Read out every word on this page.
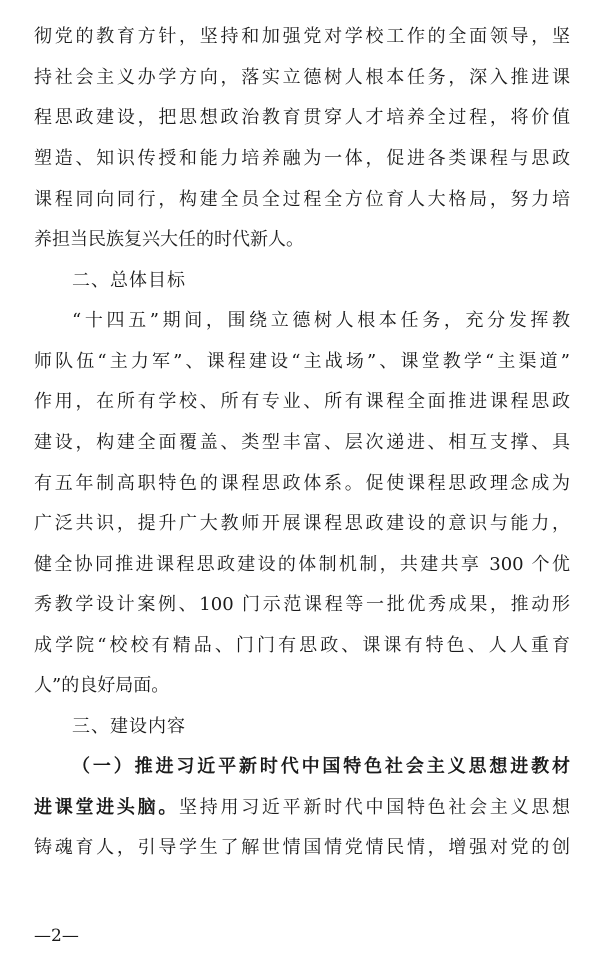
彻党的教育方针，坚持和加强党对学校工作的全面领导，坚
持社会主义办学方向，落实立德树人根本任务，深入推进课
程思政建设，把思想政治教育贯穿人才培养全过程，将价值
塑造、知识传授和能力培养融为一体，促进各类课程与思政
课程同向同行，构建全员全过程全方位育人大格局，努力培
养担当民族复兴大任的时代新人。
二、总体目标
“十四五”期间，围绕立德树人根本任务，充分发挥教
师队伍“主力军”、课程建设“主战场”、课堂教学“主渠道”
作用，在所有学校、所有专业、所有课程全面推进课程思政
建设，构建全面覆盖、类型丰富、层次递进、相互支撑、具
有五年制高职特色的课程思政体系。促使课程思政理念成为
广泛共识，提升广大教师开展课程思政建设的意识与能力，
健全协同推进课程思政建设的体制机制，共建共享 300 个优
秀教学设计案例、100 门示范课程等一批优秀成果，推动形
成学院“校校有精品、门门有思政、课课有特色、人人重育
人”的良好局面。
三、建设内容
（一）推进习近平新时代中国特色社会主义思想进教材
进课堂进头脑。坚持用习近平新时代中国特色社会主义思想
铸魂育人，引导学生了解世情国情党情民情，增强对党的创
—2—
